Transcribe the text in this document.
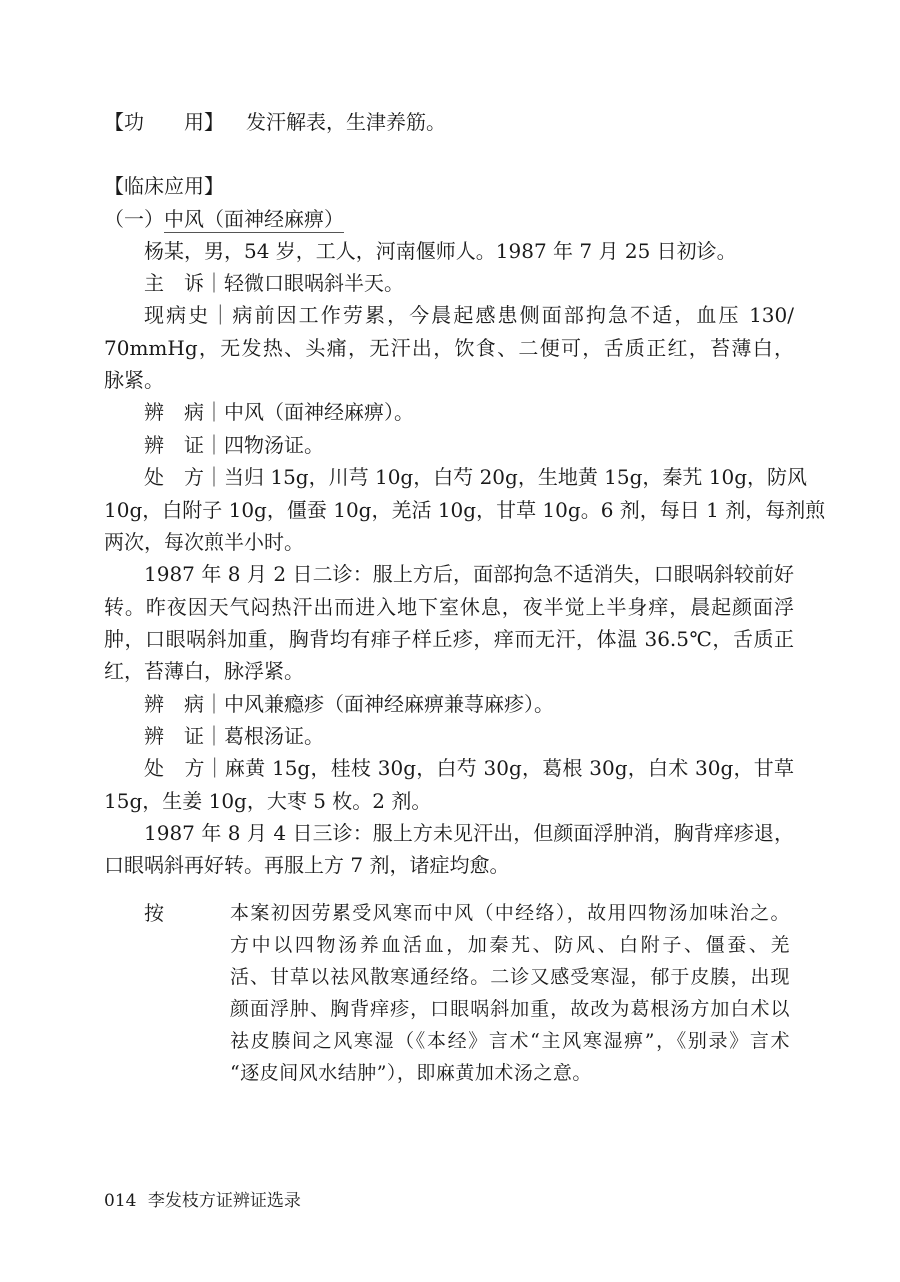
【功　　用】 发汗解表，生津养筋。
【临床应用】
（一）中风（面神经麻痹）
杨某，男，54 岁，工人，河南偃师人。1987 年 7 月 25 日初诊。
主　诉｜轻微口眼㖞斜半天。
现病史｜病前因工作劳累，今晨起感患侧面部拘急不适，血压 130/
70mmHg，无发热、头痛，无汗出，饮食、二便可，舌质正红，苔薄白，
脉紧。
辨　病｜中风（面神经麻痹）。
辨　证｜四物汤证。
处　方｜当归 15g，川芎 10g，白芍 20g，生地黄 15g，秦艽 10g，防风
10g，白附子 10g，僵蚕 10g，羌活 10g，甘草 10g。6 剂，每日 1 剂，每剂煎
两次，每次煎半小时。
1987 年 8 月 2 日二诊：服上方后，面部拘急不适消失，口眼㖞斜较前好
转。昨夜因天气闷热汗出而进入地下室休息，夜半觉上半身痒，晨起颜面浮
肿，口眼㖞斜加重，胸背均有痱子样丘疹，痒而无汗，体温 36.5℃，舌质正
红，苔薄白，脉浮紧。
辨　病｜中风兼瘾疹（面神经麻痹兼荨麻疹）。
辨　证｜葛根汤证。
处　方｜麻黄 15g，桂枝 30g，白芍 30g，葛根 30g，白术 30g，甘草
15g，生姜 10g，大枣 5 枚。2 剂。
1987 年 8 月 4 日三诊：服上方未见汗出，但颜面浮肿消，胸背痒疹退，
口眼㖞斜再好转。再服上方 7 剂，诸症均愈。
按	本案初因劳累受风寒而中风（中经络），故用四物汤加味治之。
方中以四物汤养血活血，加秦艽、防风、白附子、僵蚕、羌
活、甘草以祛风散寒通经络。二诊又感受寒湿，郁于皮腠，出现
颜面浮肿、胸背痒疹，口眼㖞斜加重，故改为葛根汤方加白术以
祛皮腠间之风寒湿（《本经》言术“主风寒湿痹”，《别录》言术
“逐皮间风水结肿”），即麻黄加术汤之意。
014 李发枝方证辨证选录
